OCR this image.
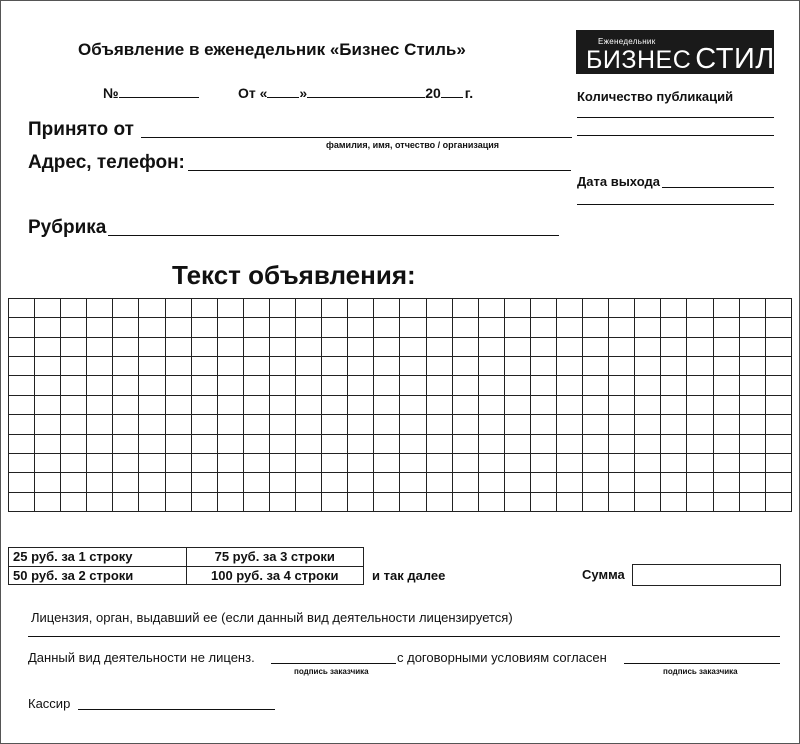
Объявление в еженедельник «Бизнес Стиль»	Еженедельник
БИЗНЕС СТИЛЬ
№	От « »	20 г.	Количество публикаций
Дата выхода
Принято от
фамилия, имя, отчество / организация
Адрес, телефон:
Рубрика
Текст объявления:

25 руб. за 1 строку	75 руб. за 3 строки
50 руб. за 2 строки	100 руб. за 4 строки	и так далее	Сумма
Лицензия, орган, выдавший ее (если данный вид деятельности лицензируется)
Данный вид деятельности не лиценз.	с договорными условиям согласен
подпись заказчика	подпись заказчика
Кассир
